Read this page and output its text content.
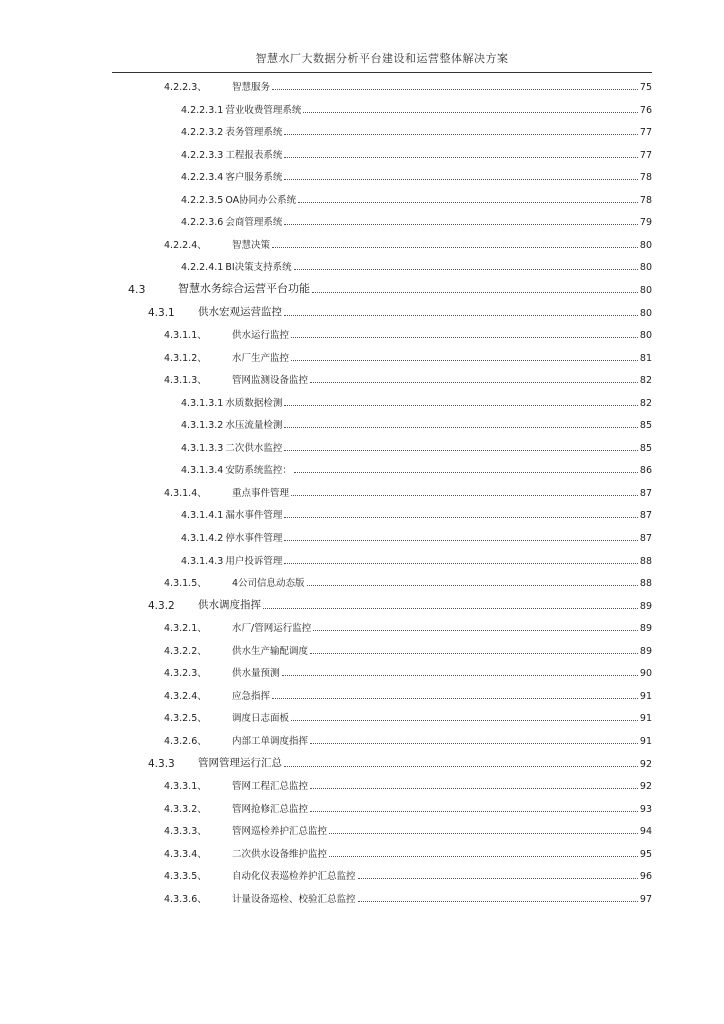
智慧水厂大数据分析平台建设和运营整体解决方案
4.2.2.3、	智慧服务	75
4.2.2.3.1 营业收费管理系统	76
4.2.2.3.2 表务管理系统	77
4.2.2.3.3 工程报表系统	77
4.2.2.3.4 客户服务系统	78
4.2.2.3.5 OA协同办公系统	78
4.2.2.3.6 会商管理系统	79
4.2.2.4、	智慧决策	80
4.2.2.4.1 BI决策支持系统	80
4.3	智慧水务综合运营平台功能	80
4.3.1	供水宏观运营监控	80
4.3.1.1、	供水运行监控	80
4.3.1.2、	水厂生产监控	81
4.3.1.3、	管网监测设备监控	82
4.3.1.3.1 水质数据检测	82
4.3.1.3.2 水压流量检测	85
4.3.1.3.3 二次供水监控	85
4.3.1.3.4 安防系统监控：	86
4.3.1.4、	重点事件管理	87
4.3.1.4.1 漏水事件管理	87
4.3.1.4.2 停水事件管理	87
4.3.1.4.3 用户投诉管理	88
4.3.1.5、	4公司信息动态版	88
4.3.2	供水调度指挥	89
4.3.2.1、	水厂/管网运行监控	89
4.3.2.2、	供水生产输配调度	89
4.3.2.3、	供水量预测	90
4.3.2.4、	应急指挥	91
4.3.2.5、	调度日志面板	91
4.3.2.6、	内部工单调度指挥	91
4.3.3	管网管理运行汇总	92
4.3.3.1、	管网工程汇总监控	92
4.3.3.2、	管网抢修汇总监控	93
4.3.3.3、	管网巡检养护汇总监控	94
4.3.3.4、	二次供水设备维护监控	95
4.3.3.5、	自动化仪表巡检养护汇总监控	96
4.3.3.6、	计量设备巡检、校验汇总监控	97
